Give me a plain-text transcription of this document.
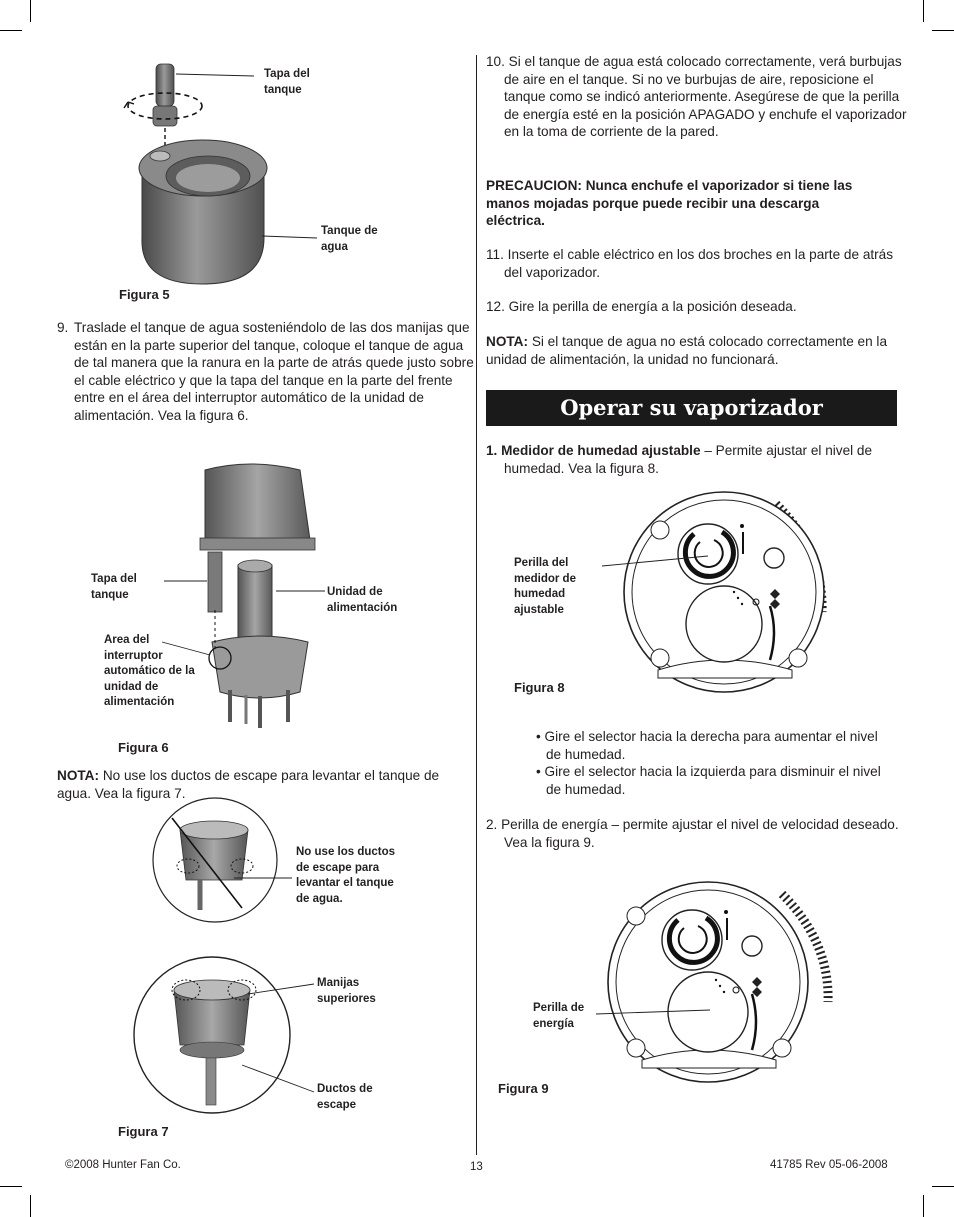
Tapa del tanque
Tanque de agua
Figura 5
9. Traslade el tanque de agua sosteniéndolo de las dos manijas que están en la parte superior del tanque, coloque el tanque de agua de tal manera que la ranura en la parte de atrás quede justo sobre el cable eléctrico y que la tapa del tanque en la parte del frente entre en el área del interruptor automático de la unidad de alimentación. Vea la figura 6.
Tapa del tanque	Unidad de alimentación
Area del interruptor automático de la unidad de alimentación
Figura 6
NOTA: No use los ductos de escape para levantar el tanque de agua. Vea la figura 7.
No use los ductos de escape para levantar el tanque de agua.
Manijas superiores
Ductos de escape
Figura 7
10. Si el tanque de agua está colocado correctamente, verá burbujas de aire en el tanque. Si no ve burbujas de aire, reposicione el tanque como se indicó anteriormente. Asegúrese de que la perilla de energía esté en la posición APAGADO y enchufe el vaporizador en la toma de corriente de la pared.
PRECAUCION: Nunca enchufe el vaporizador si tiene las manos mojadas porque puede recibir una descarga eléctrica.
11. Inserte el cable eléctrico en los dos broches en la parte de atrás del vaporizador.
12. Gire la perilla de energía a la posición deseada.
NOTA: Si el tanque de agua no está colocado correctamente en la unidad de alimentación, la unidad no funcionará.
Operar su vaporizador
1. Medidor de humedad ajustable – Permite ajustar el nivel de humedad. Vea la figura 8.
Perilla del medidor de humedad ajustable
Figura 8
• Gire el selector hacia la derecha para aumentar el nivel de humedad.
• Gire el selector hacia la izquierda para disminuir el nivel de humedad.
2. Perilla de energía – permite ajustar el nivel de velocidad deseado. Vea la figura 9.
Perilla de energía
Figura 9
©2008 Hunter Fan Co.	13	41785 Rev 05-06-2008
